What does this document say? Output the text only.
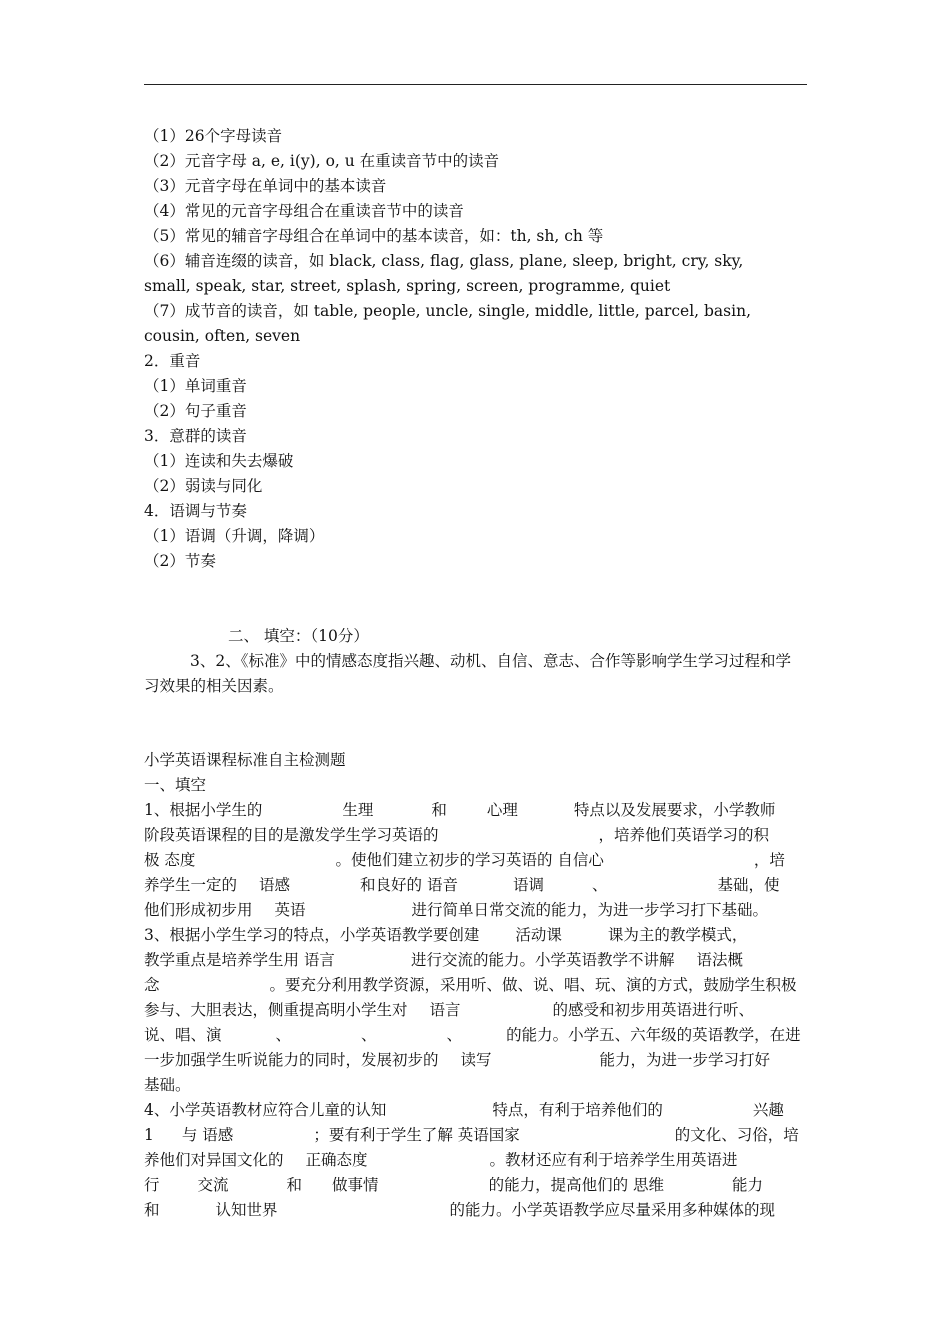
（1）26个字母读音
（2）元音字母 a, e, i(y), o, u 在重读音节中的读音
（3）元音字母在单词中的基本读音
（4）常见的元音字母组合在重读音节中的读音
（5）常见的辅音字母组合在单词中的基本读音，如：th, sh, ch 等
（6）辅音连缀的读音，如 black, class, flag, glass, plane, sleep, bright, cry, sky,
small, speak, star, street, splash, spring, screen, programme, quiet
（7）成节音的读音，如 table, people, uncle, single, middle, little, parcel, basin,
cousin, often, seven
2．重音
（1）单词重音
（2）句子重音
3．意群的读音
（1）连读和失去爆破
（2）弱读与同化
4．语调与节奏
（1）语调（升调，降调）
（2）节奏
二、 填空：（10分）
3、2、《标准》中的情感态度指兴趣、动机、自信、意志、合作等影响学生学习过程和学
习效果的相关因素。
小学英语课程标准自主检测题
一、填空
1、根据小学生的	生理	和	心理	特点以及发展要求，小学教师
阶段英语课程的目的是激发学生学习英语的	，培养他们英语学习的积
极 态度	。使他们建立初步的学习英语的 自信心	，培
养学生一定的 语感	和良好的 语音	语调	、	基础，使
他们形成初步用 英语	进行简单日常交流的能力，为进一步学习打下基础。
3、根据小学生学习的特点，小学英语教学要创建 活动课	课为主的教学模式，
教学重点是培养学生用 语言	进行交流的能力。小学英语教学不讲解 语法概
念	。要充分利用教学资源，采用听、做、说、唱、玩、演的方式，鼓励学生积极
参与、大胆表达，侧重提高明小学生对 语言	的感受和初步用英语进行听、
说、唱、演	、	、	、	的能力。小学五、六年级的英语教学，在进
一步加强学生听说能力的同时，发展初步的 读写	能力，为进一步学习打好
基础。
4、小学英语教材应符合儿童的认知	特点，有利于培养他们的	兴趣
1 与 语感	；要有利于学生了解 英语国家	的文化、习俗，培
养他们对异国文化的 正确态度	。教材还应有利于培养学生用英语进
行 交流	和 做事情	的能力，提高他们的 思维	能力
和	认知世界	的能力。小学英语教学应尽量采用多种媒体的现
